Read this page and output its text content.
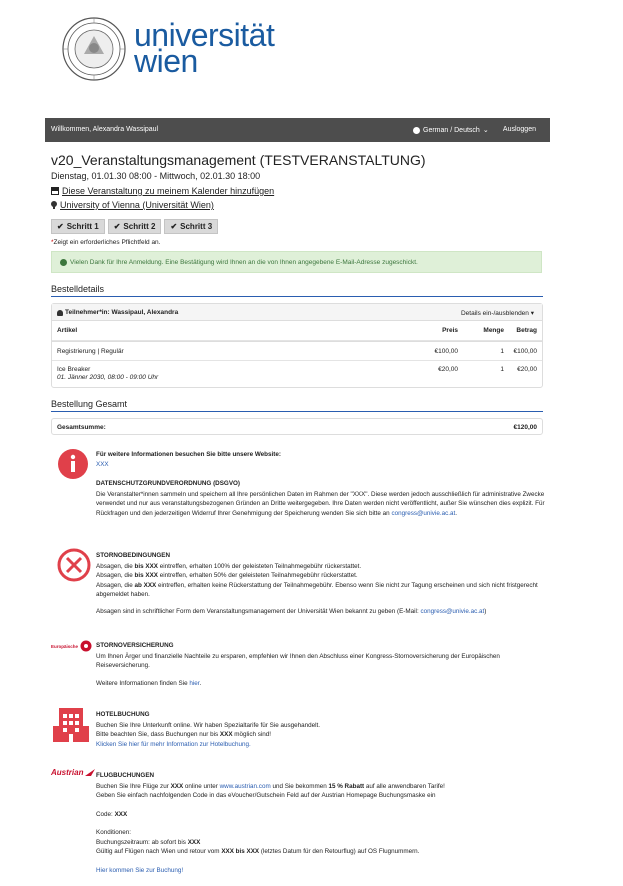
universität
wien
Willkommen, Alexandra Wassipaul	German / Deutsch ⌄ Ausloggen
v20_Veranstaltungsmanagement (TESTVERANSTALTUNG)
Dienstag, 01.01.30 08:00 - Mittwoch, 02.01.30 18:00
Diese Veranstaltung zu meinem Kalender hinzufügen
University of Vienna (Universität Wien)
✔ Schritt 1 ✔ Schritt 2 ✔ Schritt 3
*Zeigt ein erforderliches Pflichtfeld an.
Vielen Dank für Ihre Anmeldung. Eine Bestätigung wird Ihnen an die von Ihnen angegebene E-Mail-Adresse zugeschickt.
Bestelldetails
Teilnehmer*in: Wassipaul, Alexandra	Details ein-/ausblenden ▾
Artikel	Preis	Menge Betrag
Registrierung | Regulär	€100,00	1 €100,00
Ice Breaker
01. Jänner 2030, 08:00 - 09:00 Uhr
€20,00	1 €20,00
Bestellung Gesamt
Gesamtsumme:	€120,00
Für weitere Informationen besuchen Sie bitte unsere Website:
XXX
DATENSCHUTZGRUNDVERORDNUNG (DSGVO)
Die Veranstalter*innen sammeln und speichern all Ihre persönlichen Daten im Rahmen der "XXX". Diese werden jedoch ausschließlich für administrative Zwecke verwendet und nur aus veranstaltungsbezogenen Gründen an Dritte weitergegeben. Ihre Daten werden nicht veröffentlicht, außer Sie wünschen dies explizit. Für Rückfragen und den jederzeitigen Widerruf Ihrer Genehmigung der Speicherung wenden Sie sich bitte an congress@univie.ac.at.
STORNOBEDINGUNGEN
Absagen, die bis XXX eintreffen, erhalten 100% der geleisteten Teilnahmegebühr rückerstattet.
Absagen, die bis XXX eintreffen, erhalten 50% der geleisteten Teilnahmegebühr rückerstattet.
Absagen, die ab XXX eintreffen, erhalten keine Rückerstattung der Teilnahmegebühr. Ebenso wenn Sie nicht zur Tagung erscheinen und sich nicht fristgerecht abgemeldet haben.
Absagen sind in schriftlicher Form dem Veranstaltungsmanagement der Universität Wien bekannt zu geben (E-Mail: congress@univie.ac.at)
Europäische	STORNOVERSICHERUNG
Um Ihnen Ärger und finanzielle Nachteile zu ersparen, empfehlen wir Ihnen den Abschluss einer Kongress-Stornoversicherung der Europäischen Reiseversicherung.
Weitere Informationen finden Sie hier.
HOTELBUCHUNG
Buchen Sie Ihre Unterkunft online. Wir haben Spezialtarife für Sie ausgehandelt.
Bitte beachten Sie, dass Buchungen nur bis XXX möglich sind!
Klicken Sie hier für mehr Information zur Hotelbuchung.
Austrian FLUGBUCHUNGEN
Buchen Sie Ihre Flüge zur XXX online unter www.austrian.com und Sie bekommen 15 % Rabatt auf alle anwendbaren Tarife!
Geben Sie einfach nachfolgenden Code in das eVoucher/Gutschein Feld auf der Austrian Homepage Buchungsmaske ein
Code: XXX
Konditionen:
Buchungszeitraum: ab sofort bis XXX
Gültig auf Flügen nach Wien und retour vom XXX bis XXX (letztes Datum für den Retourflug) auf OS Flugnummern.
Hier kommen Sie zur Buchung!
